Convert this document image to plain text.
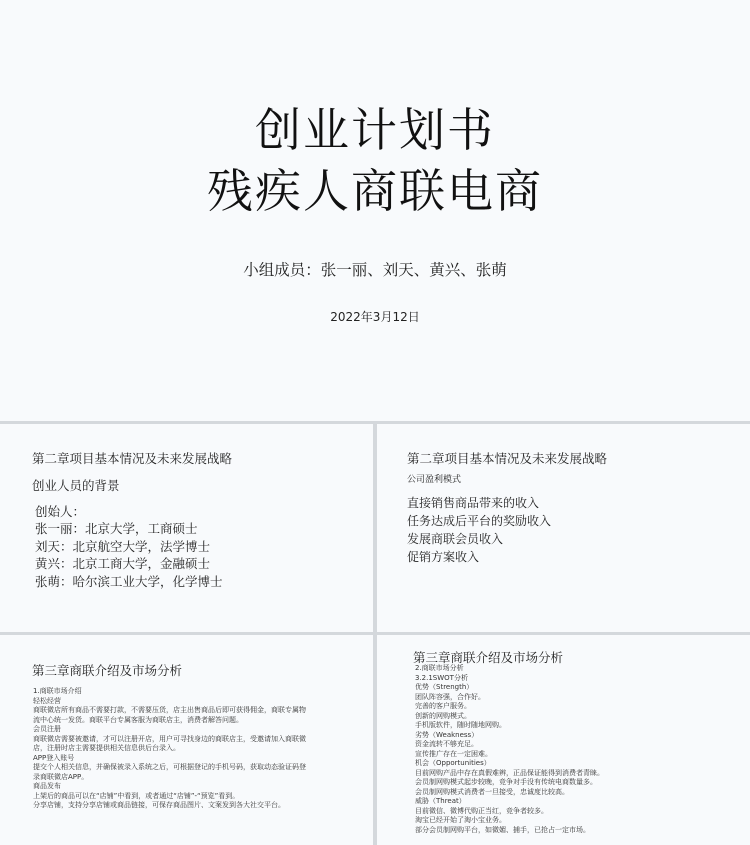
创业计划书
残疾人商联电商
小组成员：张一丽、刘天、黄兴、张萌
2022年3月12日
第二章项目基本情况及未来发展战略
创业人员的背景
创始人：
张一丽：北京大学，工商硕士
刘天：北京航空大学，法学博士
黄兴：北京工商大学，金融硕士
张萌：哈尔滨工业大学，化学博士
第二章项目基本情况及未来发展战略
公司盈利模式
直接销售商品带来的收入
任务达成后平台的奖励收入
发展商联会员收入
促销方案收入
第三章商联介绍及市场分析
1.商联市场介绍
轻松经营
商联微店所有商品不需要打款，不需要压货，店主出售商品后即可获得佣金，商联专属物
流中心统一发货。商联平台专属客服为商联店主，消费者解答问题。
会员注册
商联微店需要被邀请，才可以注册开店，用户可寻找身边的商联店主，受邀请加入商联微
店，注册时店主需要提供相关信息供后台录入。
APP登入账号
提交个人相关信息，并确保被录入系统之后，可根据登记的手机号码，获取动态验证码登
录商联微店APP。
商品发布
上架后的商品可以在“店铺”中看到，或者通过“店铺”-“预览”看到。
分享店铺，支持分享店铺或商品链接，可保存商品图片、文案发到各大社交平台。
第三章商联介绍及市场分析
2.商联市场分析
3.2.1SWOT分析
优势（Strength）
团队阵容强，合作好。
完善的客户服务。
创新的网购模式。
手机版软件，随时随地网购。
劣势（Weakness）
资金流转不够充足。
宣传推广存在一定困难。
机会（Opportunities）
目前网购产品中存在真假难辨，正品保证能得到消费者青睐。
会员制网购模式起步较晚，竞争对手没有传统电商数量多。
会员制网购模式消费者一旦接受，忠诚度比较高。
威胁（Threat）
目前微信、微博代购正当红，竞争者较多。
淘宝已经开始了淘小宝业务。
部分会员制网购平台，如微媚、捕手，已抢占一定市场。
